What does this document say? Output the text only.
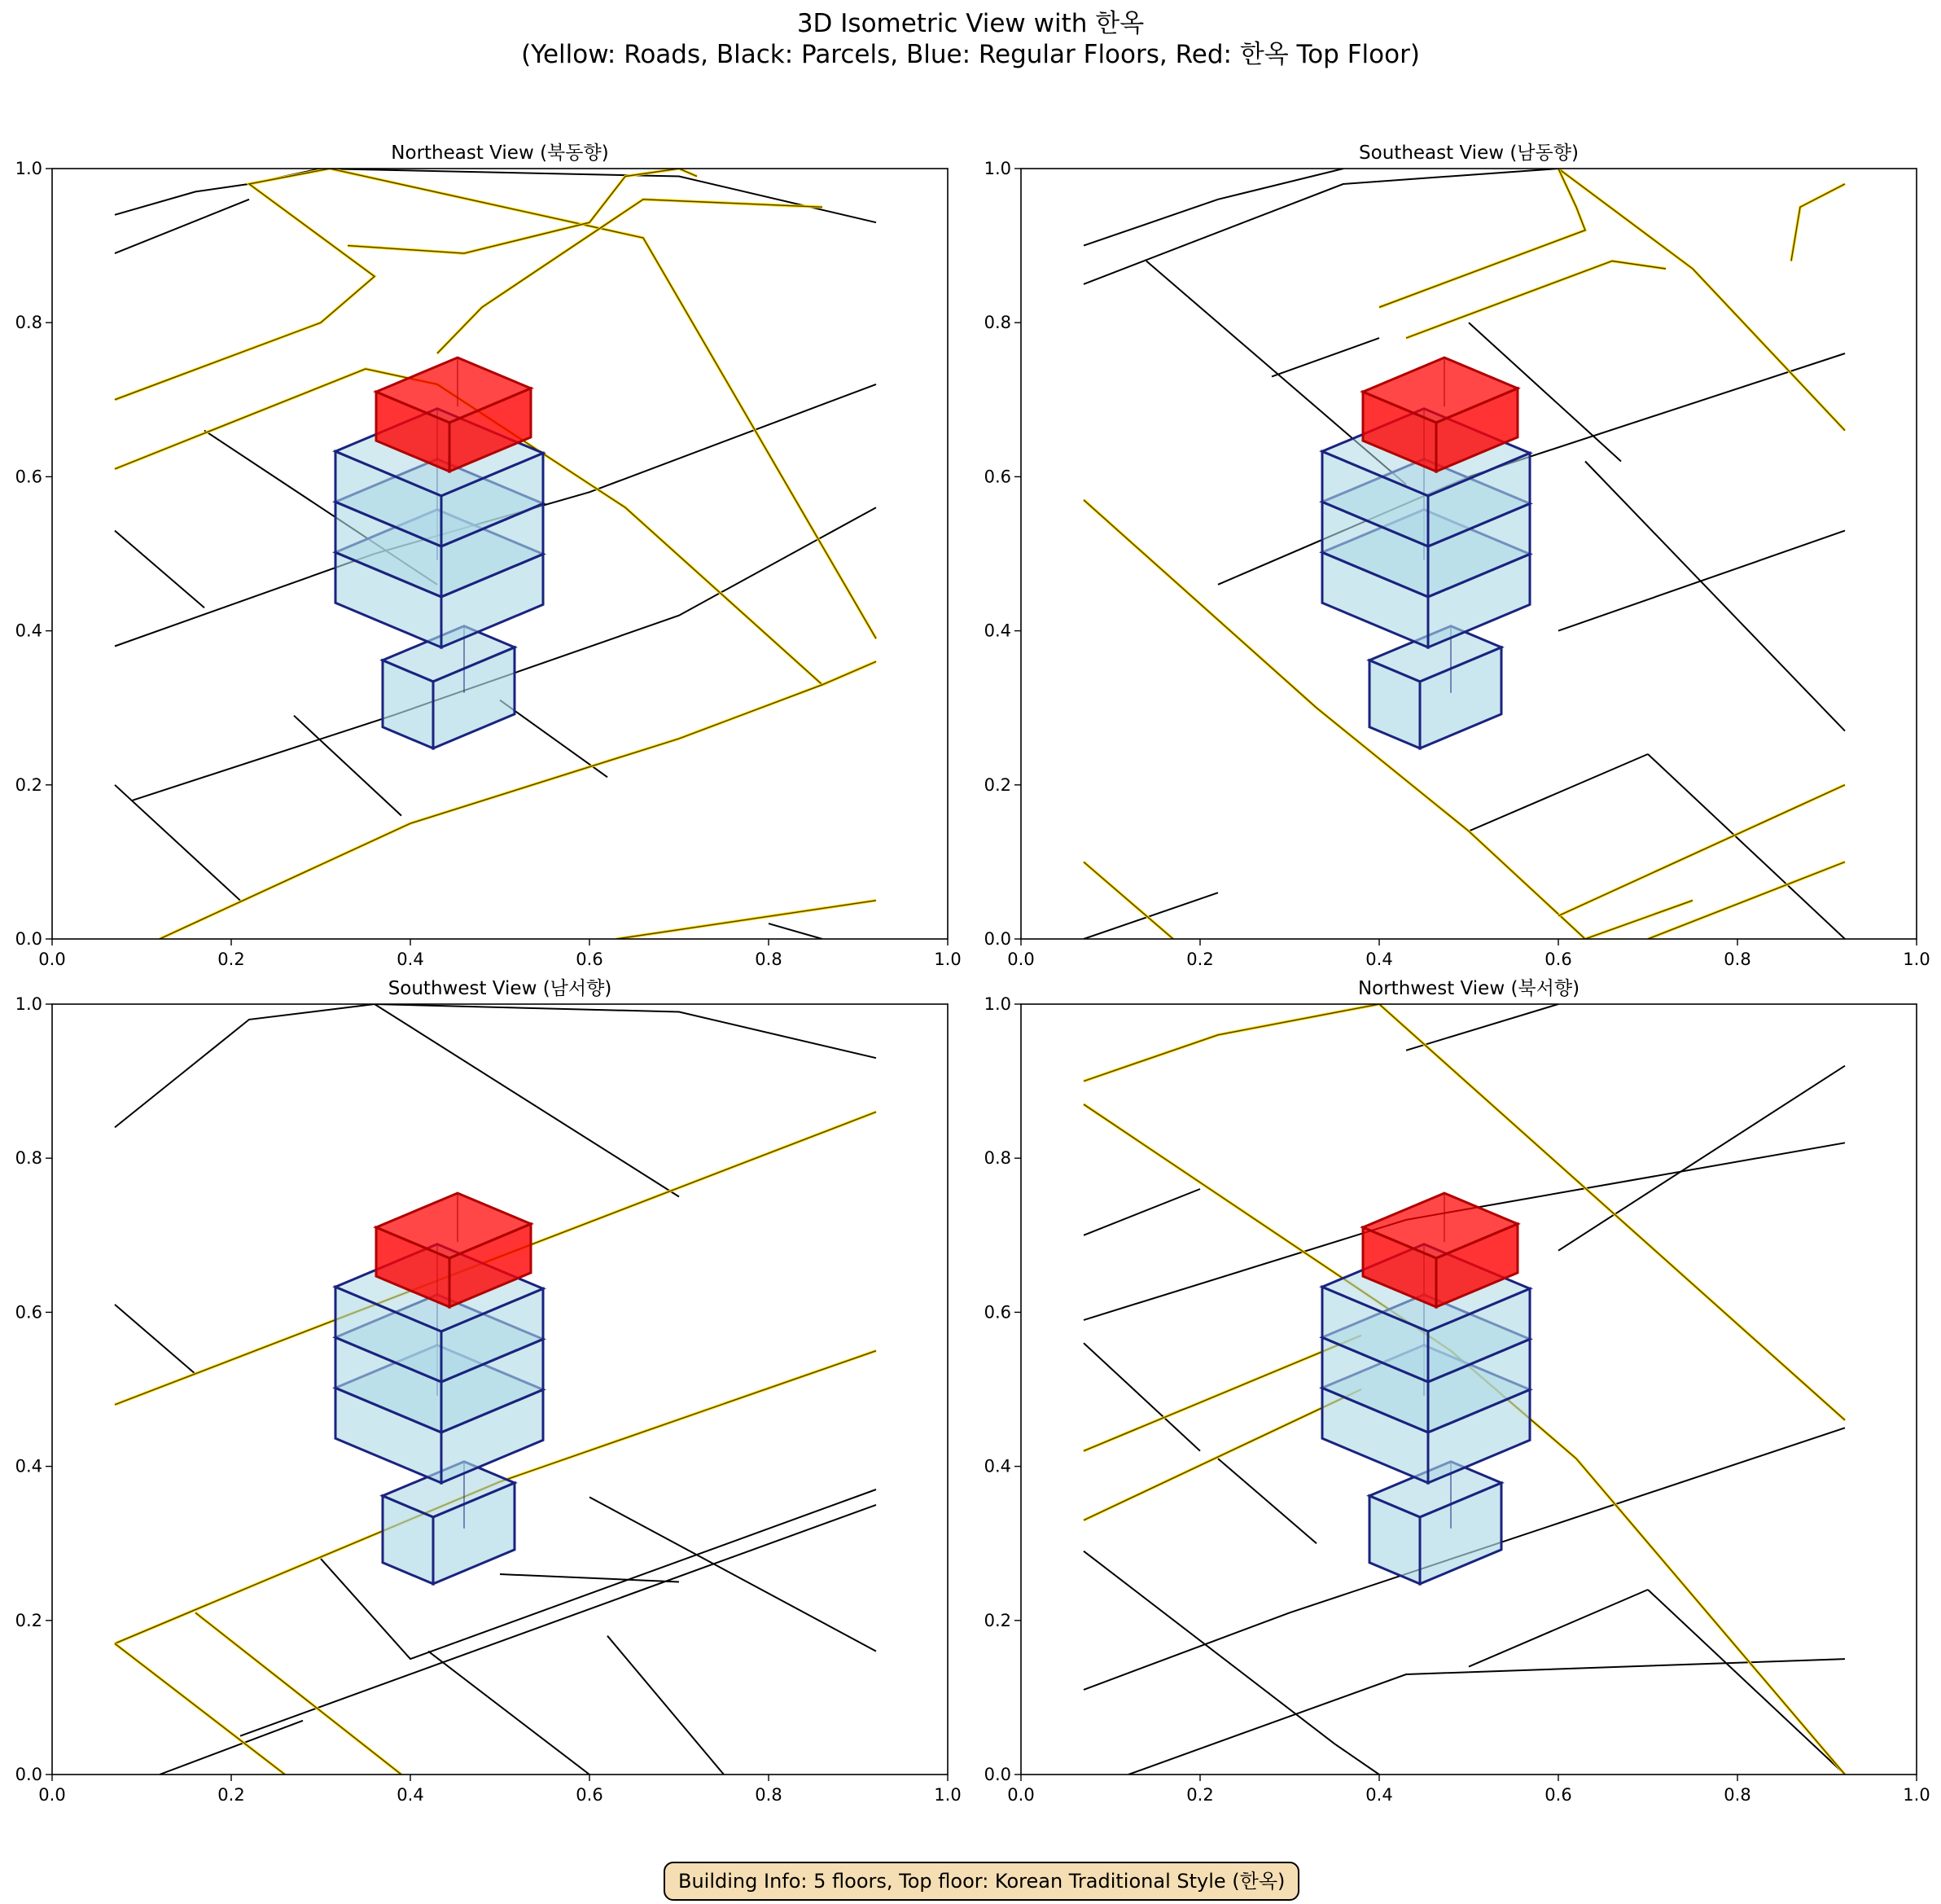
3D Isometric View with 한옥
(Yellow: Roads, Black: Parcels, Blue: Regular Floors, Red: 한옥 Top Floor)
0.0	0.2	0.4	0.6	0.8	1.0
0.0
0.2
0.4
0.6
0.8
1.0
Northeast View (북동향)
0.0	0.2	0.4	0.6	0.8	1.0
0.0
0.2
0.4
0.6
0.8
1.0
Southeast View (남동향)
0.0	0.2	0.4	0.6	0.8	1.0
0.0
0.2
0.4
0.6
0.8
1.0
Southwest View (남서향)
0.0	0.2	0.4	0.6	0.8	1.0
0.0
0.2
0.4
0.6
0.8
1.0
Northwest View (북서향)
Building Info: 5 floors, Top floor: Korean Traditional Style (한옥)
